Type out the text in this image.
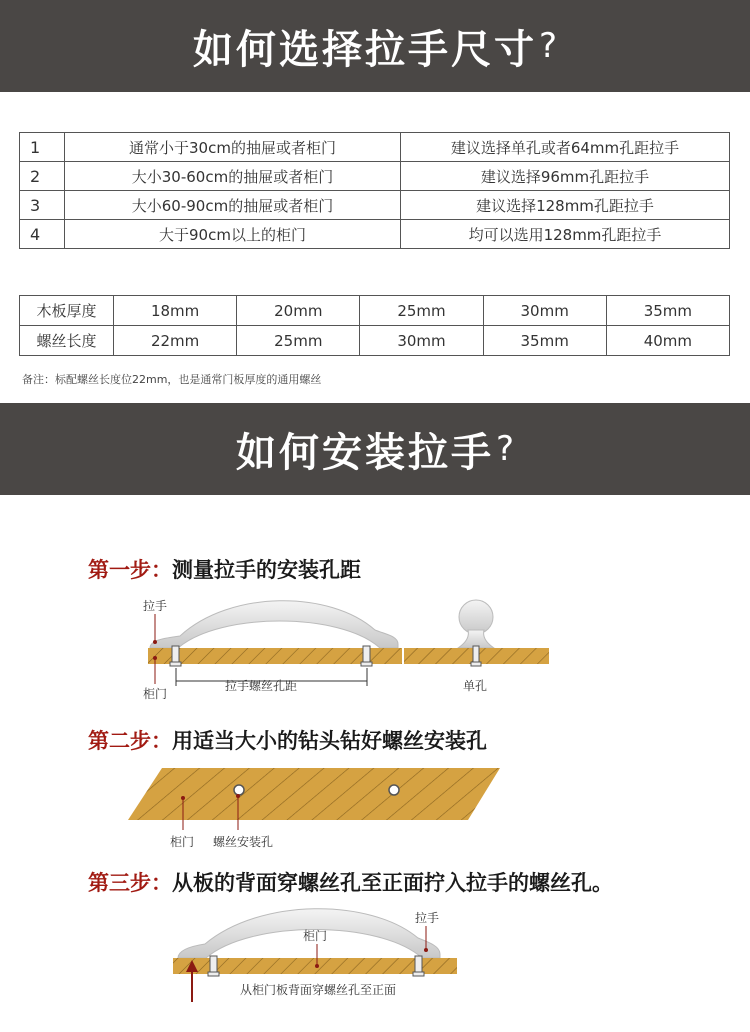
如何选择拉手尺寸 ?
1	通常小于30cm的抽屉或者柜门	建议选择单孔或者64mm孔距拉手
2	大小30-60cm的抽屉或者柜门	建议选择96mm孔距拉手
3	大小60-90cm的抽屉或者柜门	建议选择128mm孔距拉手
4	大于90cm以上的柜门	均可以选用128mm孔距拉手
木板厚度	18mm	20mm	25mm	30mm	35mm
螺丝长度	22mm	25mm	30mm	35mm	40mm
备注：标配螺丝长度位22mm，也是通常门板厚度的通用螺丝
如何安装拉手 ?
第一步：测量拉手的安装孔距
拉手螺丝孔距
拉手
柜门
单孔
第二步：用适当大小的钻头钻好螺丝安装孔
柜门 螺丝安装孔
第三步：从板的背面穿螺丝孔至正面拧入拉手的螺丝孔。
拉手
柜门
从柜门板背面穿螺丝孔至正面
